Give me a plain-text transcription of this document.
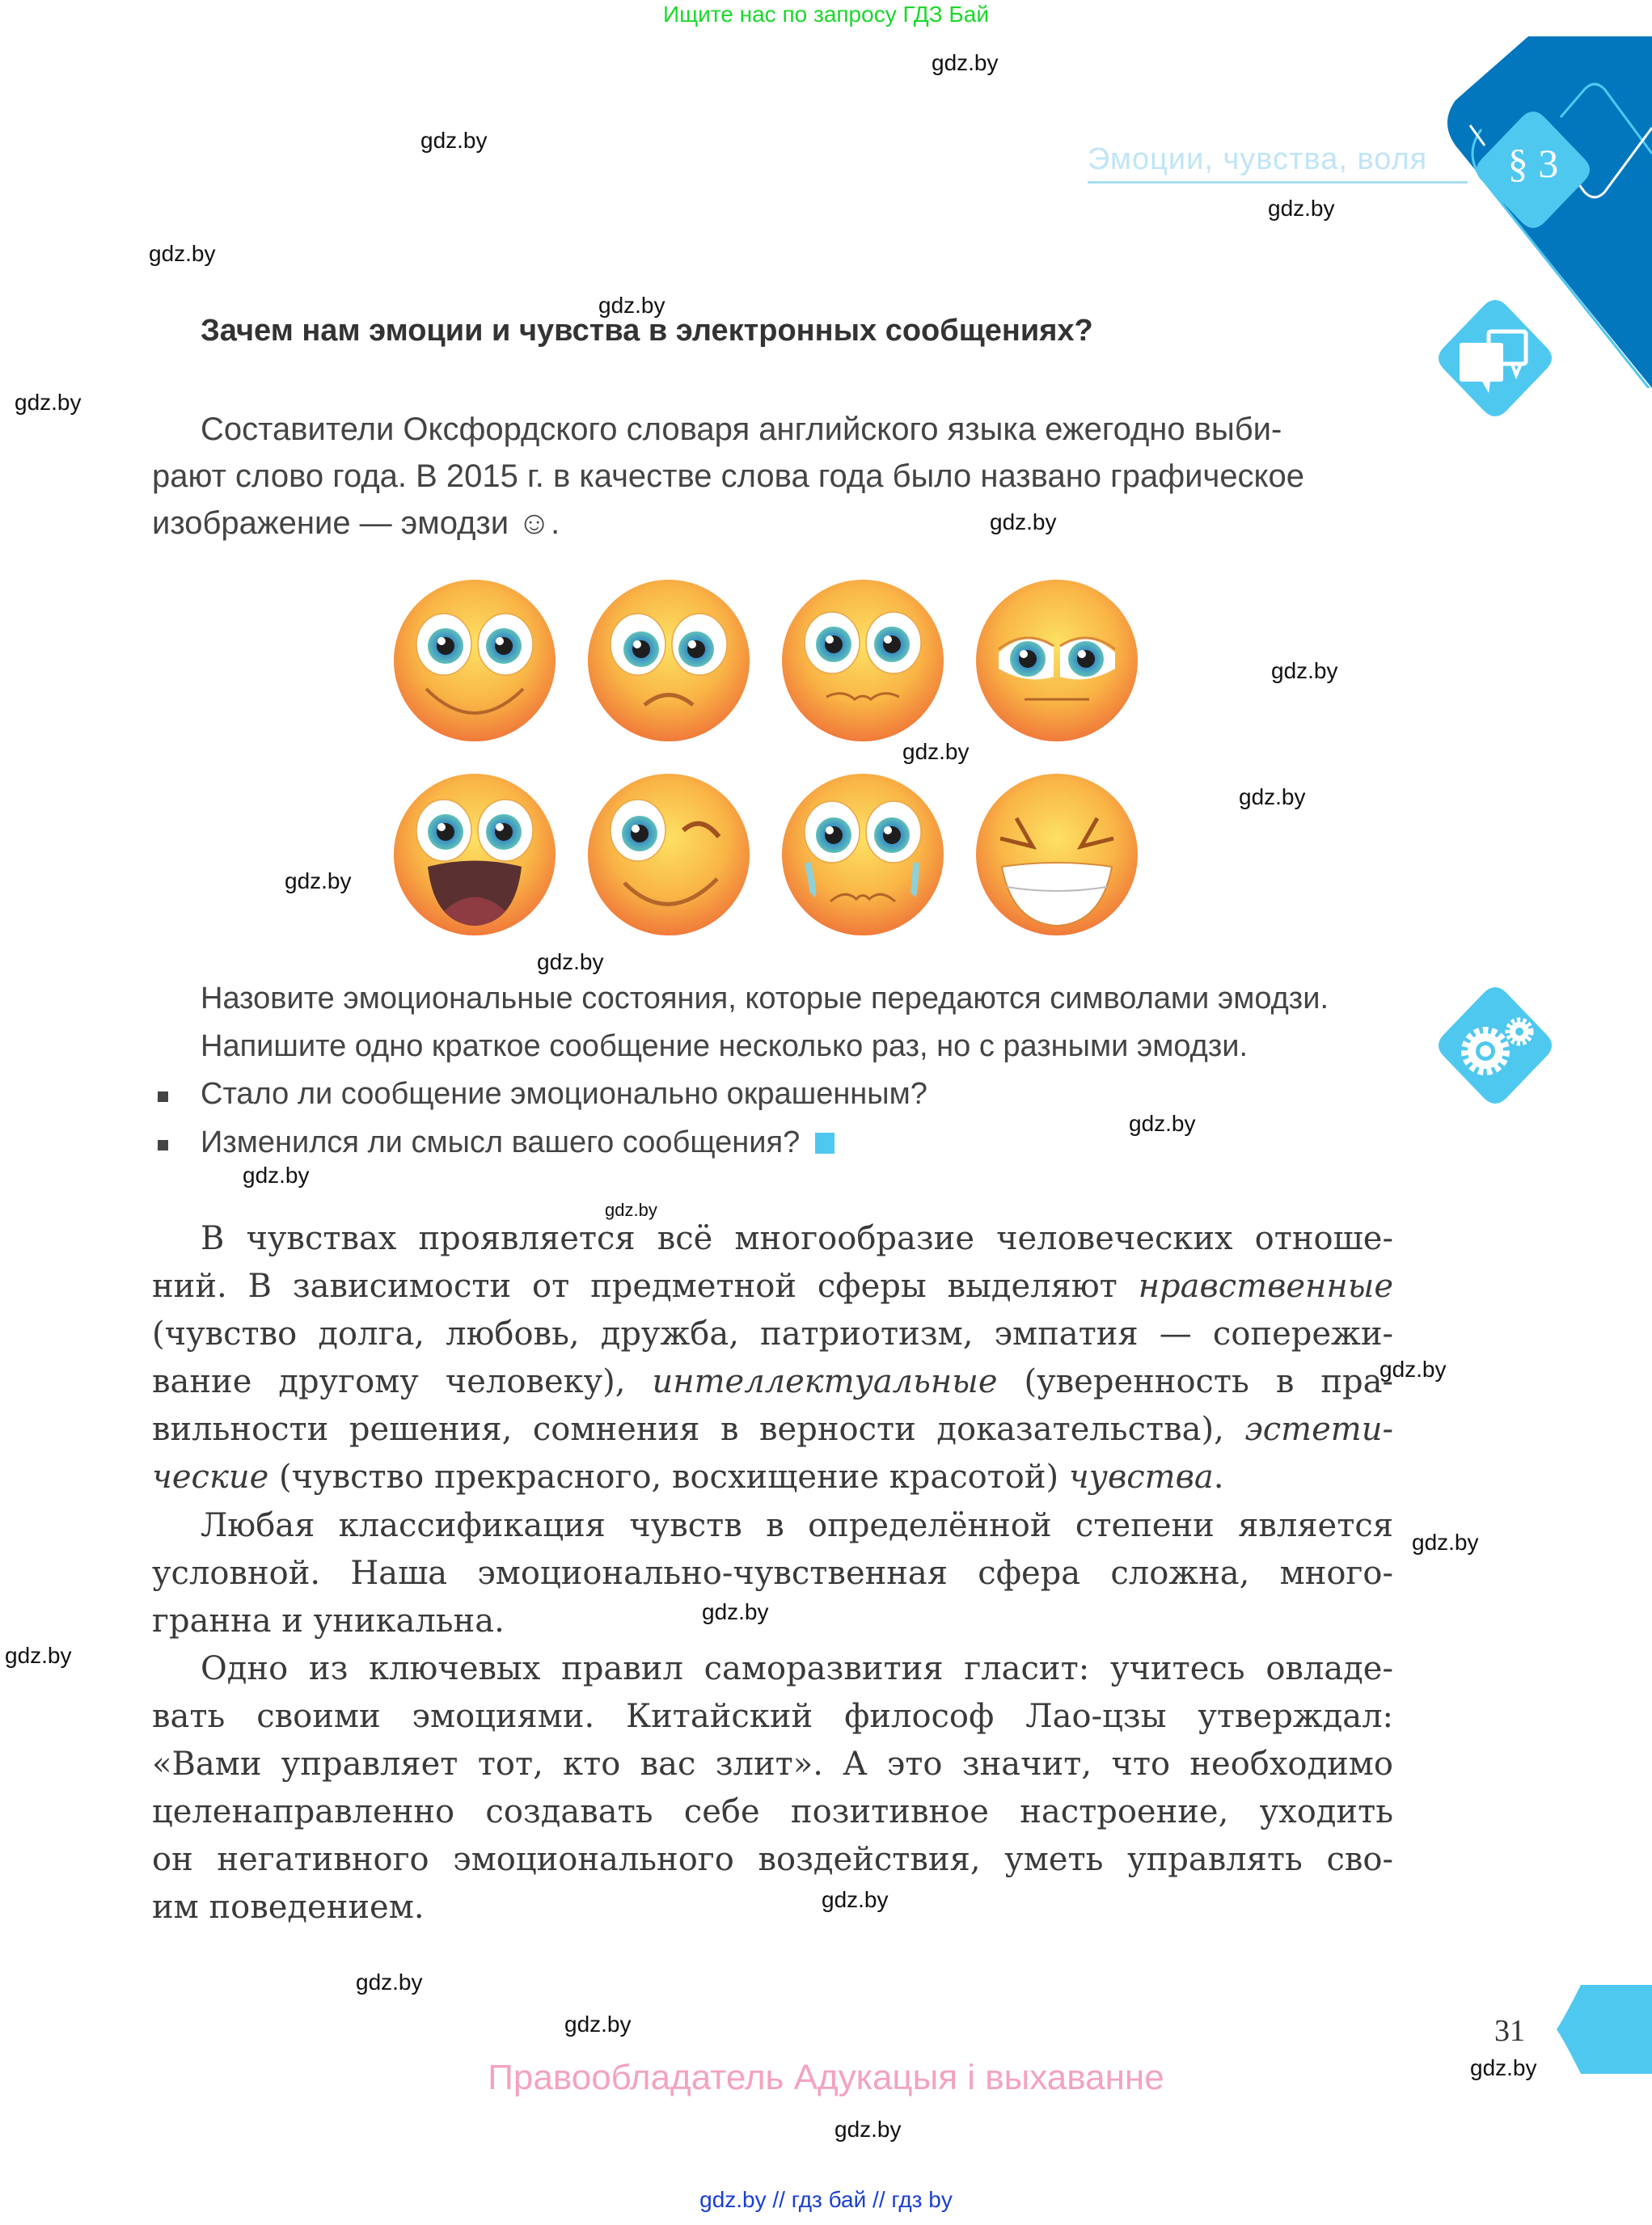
Ищите нас по запросу ГДЗ Бай
Эмоции, чувства, воля	§ 3
Зачем нам эмоции и чувства в электронных сообщениях?
Составители Оксфордского словаря английского языка ежегодно выби-
рают слово года. В 2015 г. в качестве слова года было названо графическое
изображение — эмодзи ☺.
Назовите эмоциональные состояния, которые передаются символами эмодзи.
Напишите одно краткое сообщение несколько раз, но с разными эмодзи.
Стало ли сообщение эмоционально окрашенным?
Изменился ли смысл вашего сообщения?
В чувствах проявляется всё многообразие человеческих отноше-
ний. В зависимости от предметной сферы выделяют нравственные
(чувство долга, любовь, дружба, патриотизм, эмпатия — сопережи-
вание другому человеку), интеллектуальные (уверенность в пра-
вильности решения, сомнения в верности доказательства), эстети-
ческие (чувство прекрасного, восхищение красотой) чувства.
Любая классификация чувств в определённой степени является
условной. Наша эмоционально-чувственная сфера сложна, много-
гранна и уникальна.
Одно из ключевых правил саморазвития гласит: учитесь овладе-
вать своими эмоциями. Китайский философ Лао-цзы утверждал:
«Вами управляет тот, кто вас злит». А это значит, что необходимо
целенаправленно создавать себе позитивное настроение, уходить
он негативного эмоционального воздействия, уметь управлять сво-
им поведением.
31
Правообладатель Адукацыя і выхаванне
gdz.by // гдз бай // гдз by
gdz.by
gdz.by
gdz.by
gdz.by
gdz.by
gdz.by
gdz.by
gdz.by
gdz.by
gdz.by
gdz.by
gdz.by
gdz.by
gdz.by
gdz.by
gdz.by
gdz.by
gdz.by
gdz.by
gdz.by
gdz.by
gdz.by
gdz.by
gdz.by
